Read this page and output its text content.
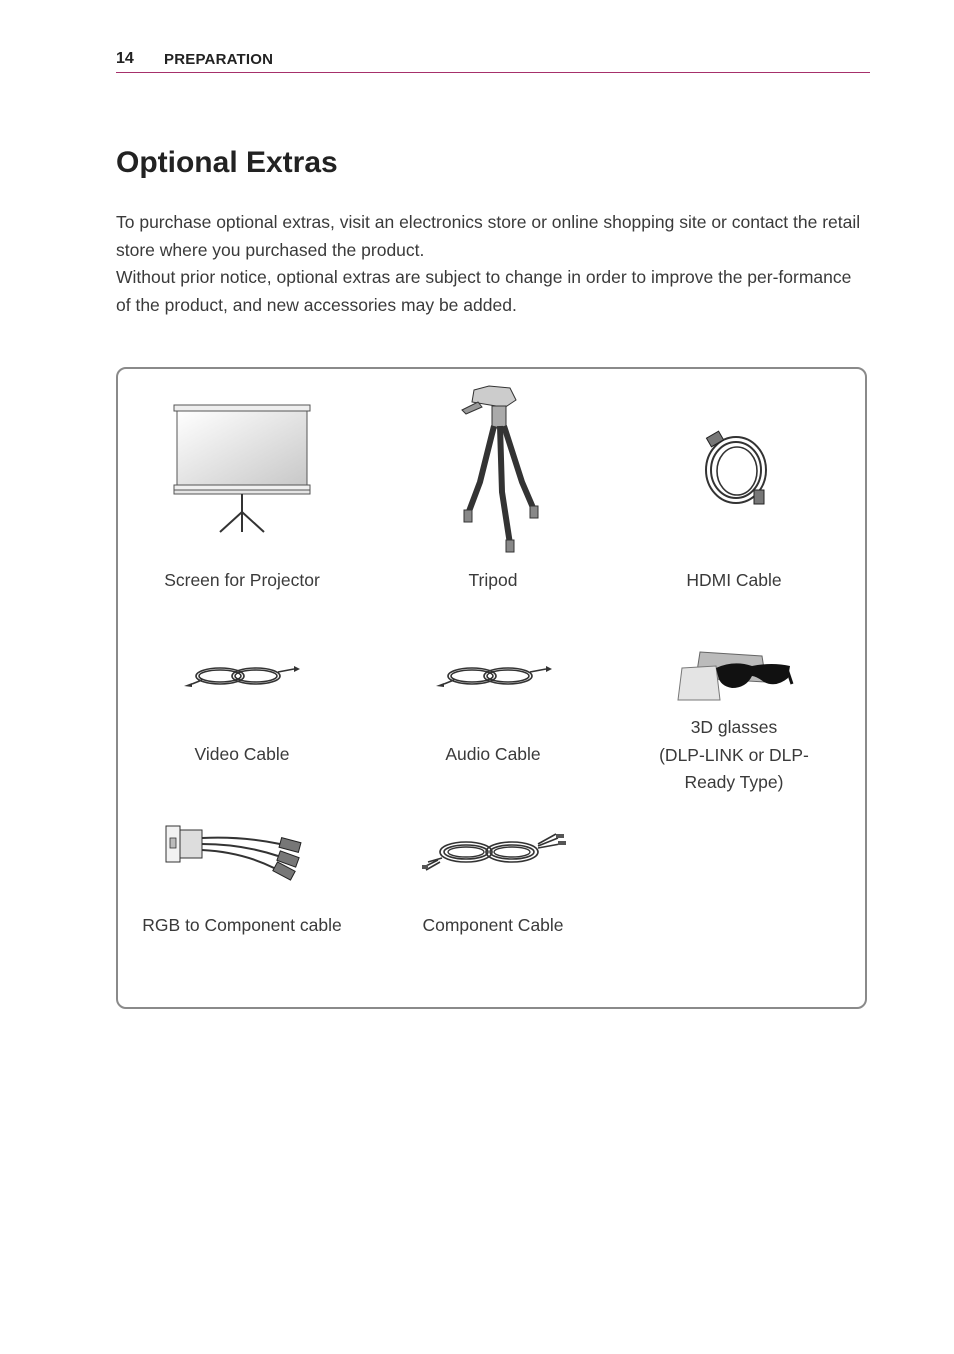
14 PREPARATION
Optional Extras

To purchase optional extras, visit an electronics store or online shopping site or contact the retail store where you purchased the product.

Without prior notice, optional extras are subject to change in order to improve the per-formance of the product, and new accessories may be added.

Screen for Projector	Tripod	HDMI Cable
Video Cable	Audio Cable
3D glasses
(DLP-LINK or DLP-
Ready Type)
RGB to Component cable	Component Cable
